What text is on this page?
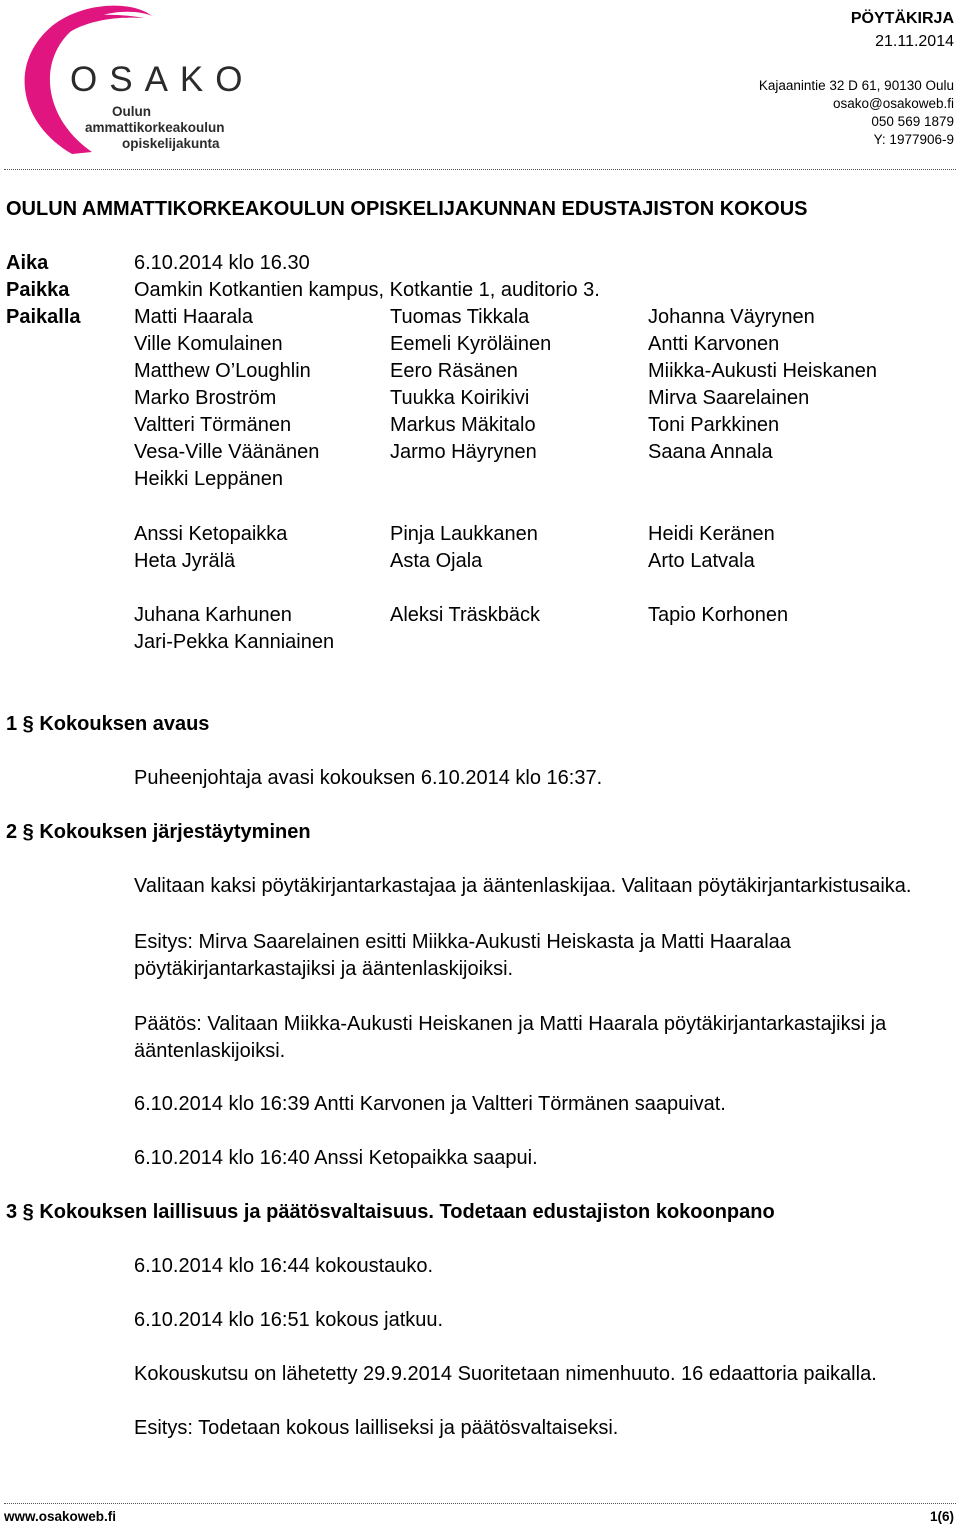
OSAKO
Oulun
ammattikorkeakoulun
opiskelijakunta
PÖYTÄKIRJA
21.11.2014
Kajaanintie 32 D 61, 90130 Oulu
osako@osakoweb.fi
050 569 1879
Y: 1977906-9
OULUN AMMATTIKORKEAKOULUN OPISKELIJAKUNNAN EDUSTAJISTON KOKOUS
Aika	6.10.2014 klo 16.30
Paikka	Oamkin Kotkantien kampus, Kotkantie 1, auditorio 3.
Paikalla	Matti Haarala	Tuomas Tikkala	Johanna Väyrynen
Ville Komulainen	Eemeli Kyröläinen	Antti Karvonen
Matthew O’Loughlin	Eero Räsänen	Miikka-Aukusti Heiskanen
Marko Broström	Tuukka Koirikivi	Mirva Saarelainen
Valtteri Törmänen	Markus Mäkitalo	Toni Parkkinen
Vesa-Ville Väänänen	Jarmo Häyrynen	Saana Annala
Heikki Leppänen
Anssi Ketopaikka	Pinja Laukkanen	Heidi Keränen
Heta Jyrälä	Asta Ojala	Arto Latvala
Juhana Karhunen	Aleksi Träskbäck	Tapio Korhonen
Jari-Pekka Kanniainen
1 § Kokouksen avaus
Puheenjohtaja avasi kokouksen 6.10.2014 klo 16:37.
2 § Kokouksen järjestäytyminen
Valitaan kaksi pöytäkirjantarkastajaa ja ääntenlaskijaa. Valitaan pöytäkirjantarkistusaika.
Esitys: Mirva Saarelainen esitti Miikka-Aukusti Heiskasta ja Matti Haaralaa pöytäkirjantarkastajiksi ja ääntenlaskijoiksi.
Päätös: Valitaan Miikka-Aukusti Heiskanen ja Matti Haarala pöytäkirjantarkastajiksi ja ääntenlaskijoiksi.
6.10.2014 klo 16:39 Antti Karvonen ja Valtteri Törmänen saapuivat.
6.10.2014 klo 16:40 Anssi Ketopaikka saapui.
3 § Kokouksen laillisuus ja päätösvaltaisuus. Todetaan edustajiston kokoonpano
6.10.2014 klo 16:44 kokoustauko.
6.10.2014 klo 16:51 kokous jatkuu.
Kokouskutsu on lähetetty 29.9.2014 Suoritetaan nimenhuuto. 16 edaattoria paikalla.
Esitys: Todetaan kokous lailliseksi ja päätösvaltaiseksi.
www.osakoweb.fi	1(6)
